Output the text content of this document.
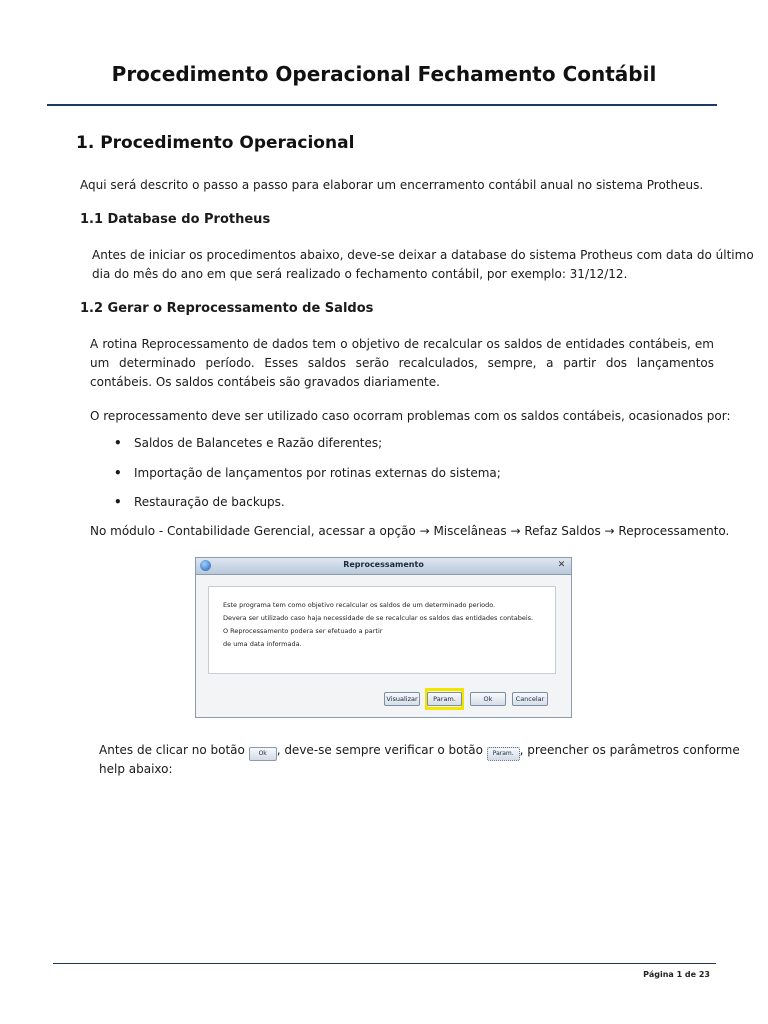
Procedimento Operacional Fechamento Contábil
1. Procedimento Operacional
Aqui será descrito o passo a passo para elaborar um encerramento contábil anual no sistema Protheus.
1.1 Database do Protheus
Antes de iniciar os procedimentos abaixo, deve-se deixar a database do sistema Protheus com data do último
dia do mês do ano em que será realizado o fechamento contábil, por exemplo: 31/12/12.
1.2 Gerar o Reprocessamento de Saldos
A rotina Reprocessamento de dados tem o objetivo de recalcular os saldos de entidades contábeis, em um determinado período. Esses saldos serão recalculados, sempre, a partir dos lançamentos contábeis. Os saldos contábeis são gravados diariamente.
O reprocessamento deve ser utilizado caso ocorram problemas com os saldos contábeis, ocasionados por:
• Saldos de Balancetes e Razão diferentes;
• Importação de lançamentos por rotinas externas do sistema;
• Restauração de backups.
No módulo - Contabilidade Gerencial, acessar a opção → Miscelâneas → Refaz Saldos → Reprocessamento.
Reprocessamento	✕
Este programa tem como objetivo recalcular os saldos de um determinado periodo.
Devera ser utilizado caso haja necessidade de se recalcular os saldos das entidades contabeis.
O Reprocessamento podera ser efetuado a partir
de uma data informada.
Visualizar	Param.	Ok	Cancelar
Antes de clicar no botão Ok , deve-se sempre verificar o botão Param. , preencher os parâmetros conforme
help abaixo:
Página 1 de 23
